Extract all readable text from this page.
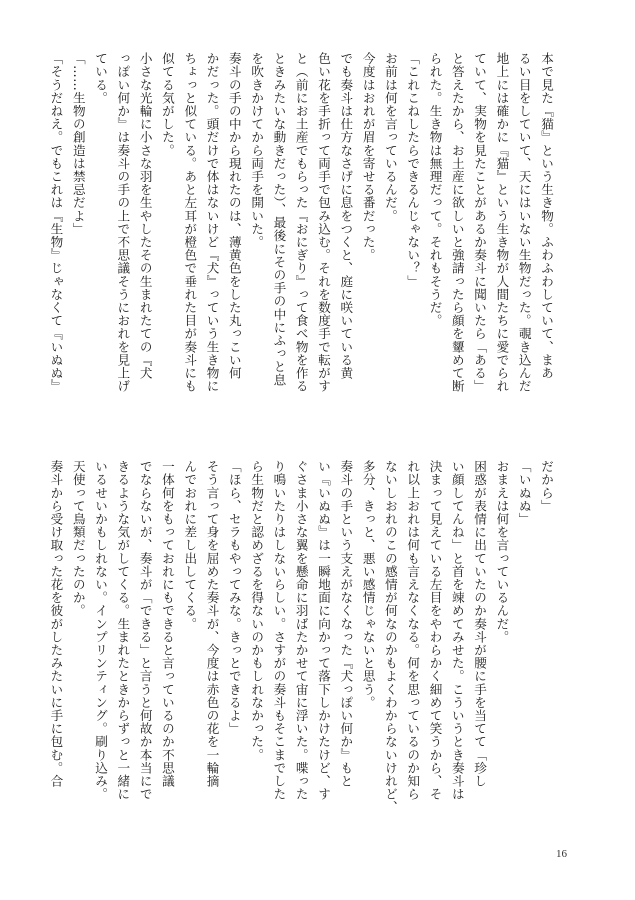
本で見た『猫』という生き物。ふわふわしていて、まあ
るい目をしていて、天にはいない生物だった。覗き込んだ
地上には確かに『猫』という生き物が人間たちに愛でられ
ていて、実物を見たことがあるか奏斗に聞いたら「ある」
と答えたから、お土産に欲しいと強請ったら顔を顰めて断
られた。生き物は無理だって。それもそうだ。
「これこねしたらできるんじゃない？」
お前は何を言っているんだ。
今度はおれが眉を寄せる番だった。
でも奏斗は仕方なさげに息をつくと、庭に咲いている黄
色い花を手折って両手で包み込む。それを数度手で転がす
と（前にお土産でもらった『おにぎり』って食べ物を作る
ときみたいな動きだった）、最後にその手の中にふっと息
を吹きかけてから両手を開いた。
奏斗の手の中から現れたのは、薄黄色をした丸っこい何
かだった。頭だけで体はないけど『犬』っていう生き物に
ちょっと似ている。あと左耳が橙色で垂れた目が奏斗にも
似てる気がした。
小さな光輪に小さな羽を生やしたその生まれたての『犬
っぽい何か』は奏斗の手の上で不思議そうにおれを見上げ
ている。
「……生物の創造は禁忌だよ」
「そうだねえ。でもこれは『生物』じゃなくて『いぬぬ』
だから」
「いぬぬ」
おまえは何を言っているんだ。
困惑が表情に出ていたのか奏斗が腰に手を当てて「珍し
い顔してんね」と首を竦めてみせた。こういうとき奏斗は
決まって見えている左目をやわらかく細めて笑うから、そ
れ以上おれは何も言えなくなる。何を思っているのか知ら
ないしおれのこの感情が何なのかもよくわからないけれど、
多分、きっと、悪い感情じゃないと思う。
奏斗の手という支えがなくなった『犬っぽい何か』もと
い『いぬぬ』は一瞬地面に向かって落下しかけたけど、す
ぐさま小さな翼を懸命に羽ばたかせて宙に浮いた。喋った
り鳴いたりはしないらしい。さすがの奏斗もそこまでした
ら生物だと認めざるを得ないのかもしれなかった。
「ほら、セラもやってみな。きっとできるよ」
そう言って身を屈めた奏斗が、今度は赤色の花を一輪摘
んでおれに差し出してくる。
一体何をもっておれにもできると言っているのか不思議
でならないが、奏斗が「できる」と言うと何故か本当にで
きるような気がしてくる。生まれたときからずっと一緒に
いるせいかもしれない。インプリンティング。刷り込み。
天使って鳥類だったのか。
奏斗から受け取った花を彼がしたみたいに手に包む。合
16
